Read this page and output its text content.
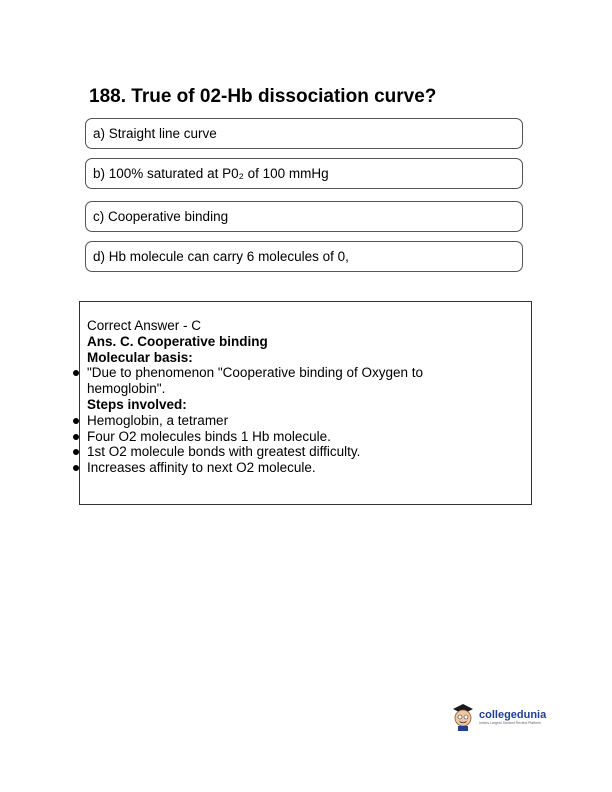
188. True of 02-Hb dissociation curve?
a) Straight line curve
b) 100% saturated at P0₂ of 100 mmHg
c) Cooperative binding
d) Hb molecule can carry 6 molecules of 0,
Correct Answer - C
Ans. C. Cooperative binding
Molecular basis:
"Due to phenomenon "Cooperative binding of Oxygen to
hemoglobin".
Steps involved:
Hemoglobin, a tetramer
Four O2 molecules binds 1 Hb molecule.
1st O2 molecule bonds with greatest difficulty.
Increases affinity to next O2 molecule.
collegedunia
India's Largest Student Review Platform
